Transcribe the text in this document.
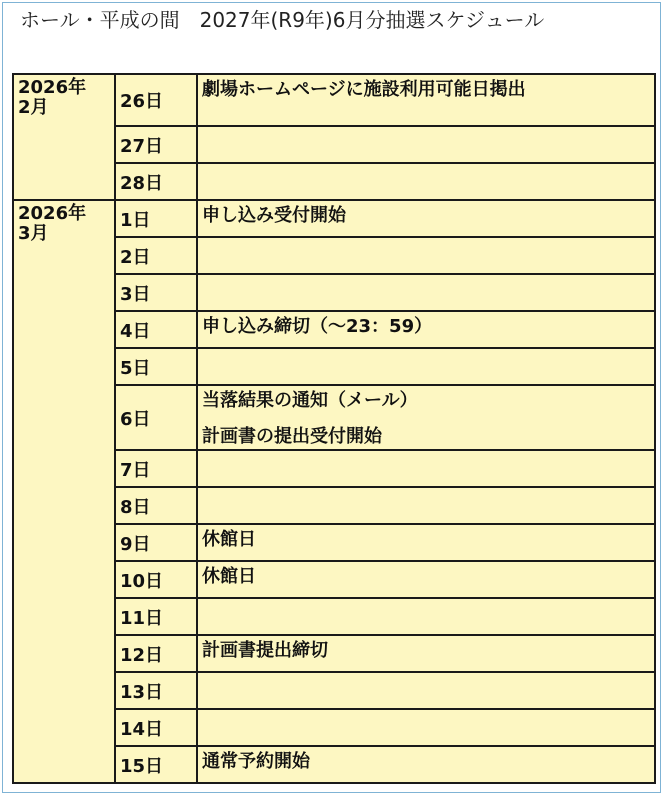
ホール・平成の間　2027年(R9年)6月分抽選スケジュール
2026年
2月	26日	劇場ホームページに施設利用可能日掲出

	27日	
	28日	

2026年
3月	1日	申し込み受付開始

	2日	
	3日	
	4日	申し込み締切（～23：59）

	5日	
	6日	当落結果の通知（メール）
計画書の提出受付開始

	7日	
	8日	
	9日	休館日

	10日	休館日

	11日	
	12日	計画書提出締切

	13日	
	14日	
	15日	通常予約開始
